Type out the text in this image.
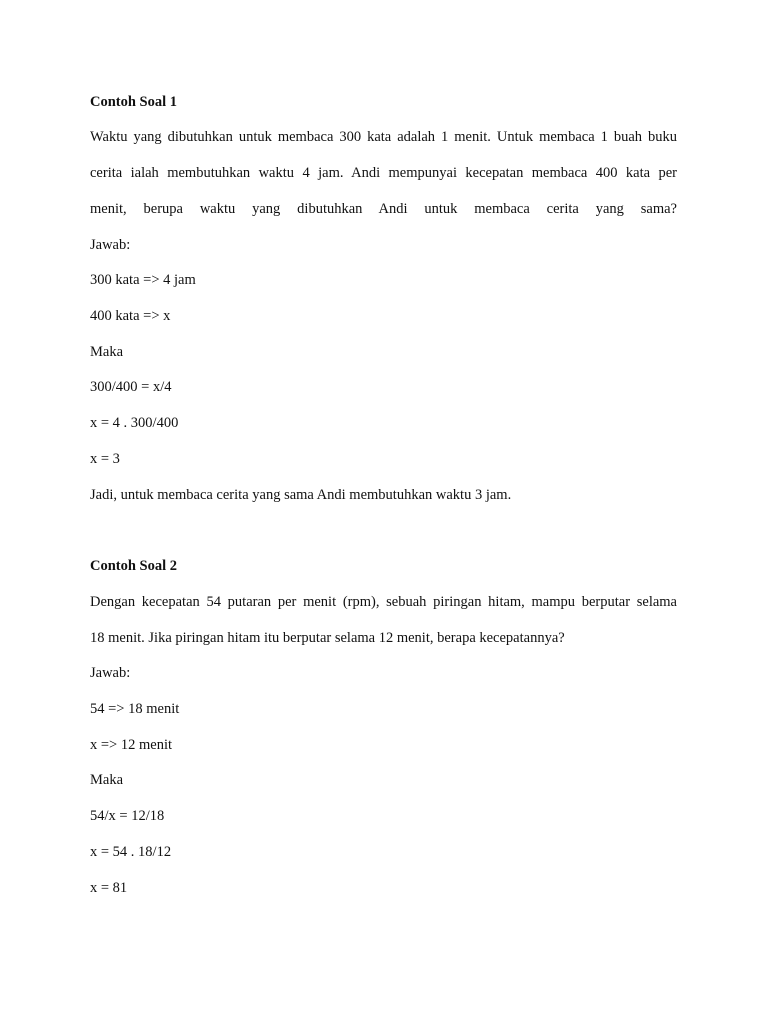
Contoh Soal 1
Waktu yang dibutuhkan untuk membaca 300 kata adalah 1 menit. Untuk membaca 1 buah buku
cerita ialah membutuhkan waktu 4 jam. Andi mempunyai kecepatan membaca 400 kata per
menit, berupa waktu yang dibutuhkan Andi untuk membaca cerita yang sama?
Jawab:
300 kata => 4 jam
400 kata => x
Maka
300/400 = x/4
x = 4 . 300/400
x = 3
Jadi, untuk membaca cerita yang sama Andi membutuhkan waktu 3 jam.
Contoh Soal 2
Dengan kecepatan 54 putaran per menit (rpm), sebuah piringan hitam, mampu berputar selama
18 menit. Jika piringan hitam itu berputar selama 12 menit, berapa kecepatannya?
Jawab:
54 => 18 menit
x => 12 menit
Maka
54/x = 12/18
x = 54 . 18/12
x = 81
